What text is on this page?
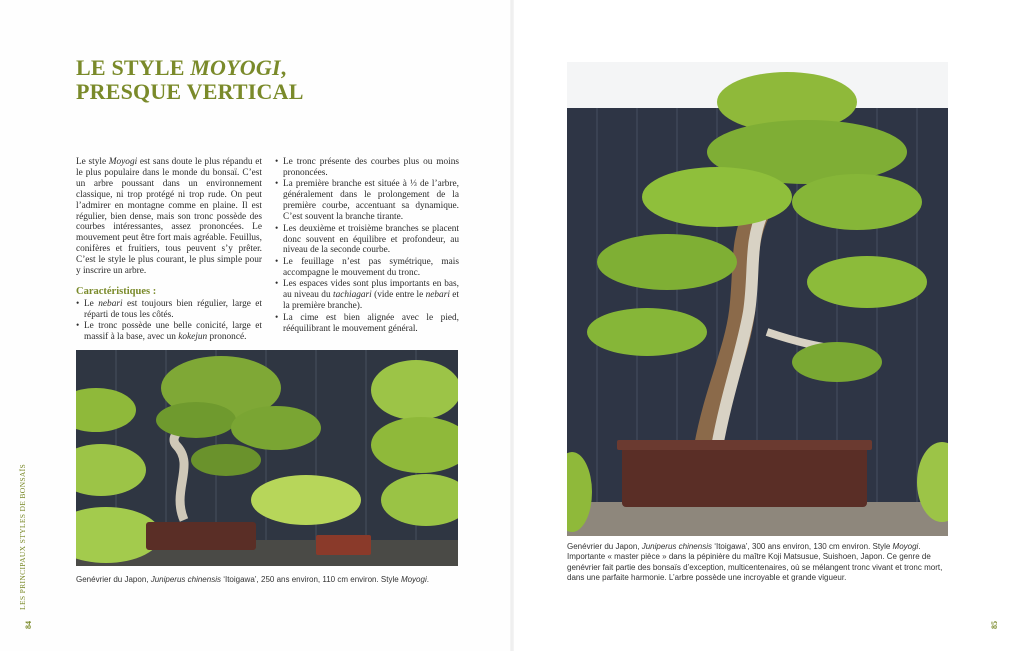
LE STYLE MOYOGI,
PRESQUE VERTICAL

Le style Moyogi est sans doute le plus répandu et le plus populaire dans le monde du bonsaï. C’est un arbre poussant dans un environnement classique, ni trop protégé ni trop rude. On peut l’admirer en montagne comme en plaine. Il est régulier, bien dense, mais son tronc possède des courbes intéressantes, assez prononcées. Le mouvement peut être fort mais agréable. Feuillus, conifères et fruitiers, tous peuvent s’y prêter. C’est le style le plus courant, le plus simple pour y inscrire un arbre.

Caractéristiques :
• Le nebari est toujours bien régulier, large et réparti de tous les côtés.
• Le tronc possède une belle conicité, large et massif à la base, avec un kokejun prononcé.
• Le tronc présente des courbes plus ou moins prononcées.
• La première branche est située à ⅓ de l’arbre, généralement dans le prolongement de la première courbe, accentuant sa dynamique. C’est souvent la branche tirante.
• Les deuxième et troisième branches se placent donc souvent en équilibre et profondeur, au niveau de la seconde courbe.
• Le feuillage n’est pas symétrique, mais accompagne le mouvement du tronc.
• Les espaces vides sont plus importants en bas, au niveau du tachiagari (vide entre le nebari et la première branche).
• La cime est bien alignée avec le pied, rééquilibrant le mouvement général.
Genévrier du Japon, Juniperus chinensis ‘Itoigawa’, 250 ans environ, 110 cm environ. Style Moyogi.
Genévrier du Japon, Juniperus chinensis ‘Itoigawa’, 300 ans environ, 130 cm environ. Style Moyogi. Importante « master pièce » dans la pépinière du maître Koji Matsusue, Suishoen, Japon. Ce genre de genévrier fait partie des bonsaïs d’exception, multicentenaires, où se mélangent tronc vivant et tronc mort, dans une parfaite harmonie. L’arbre possède une incroyable et grande vigueur.
LES PRINCIPAUX STYLES DE BONSAÏS
84	85
